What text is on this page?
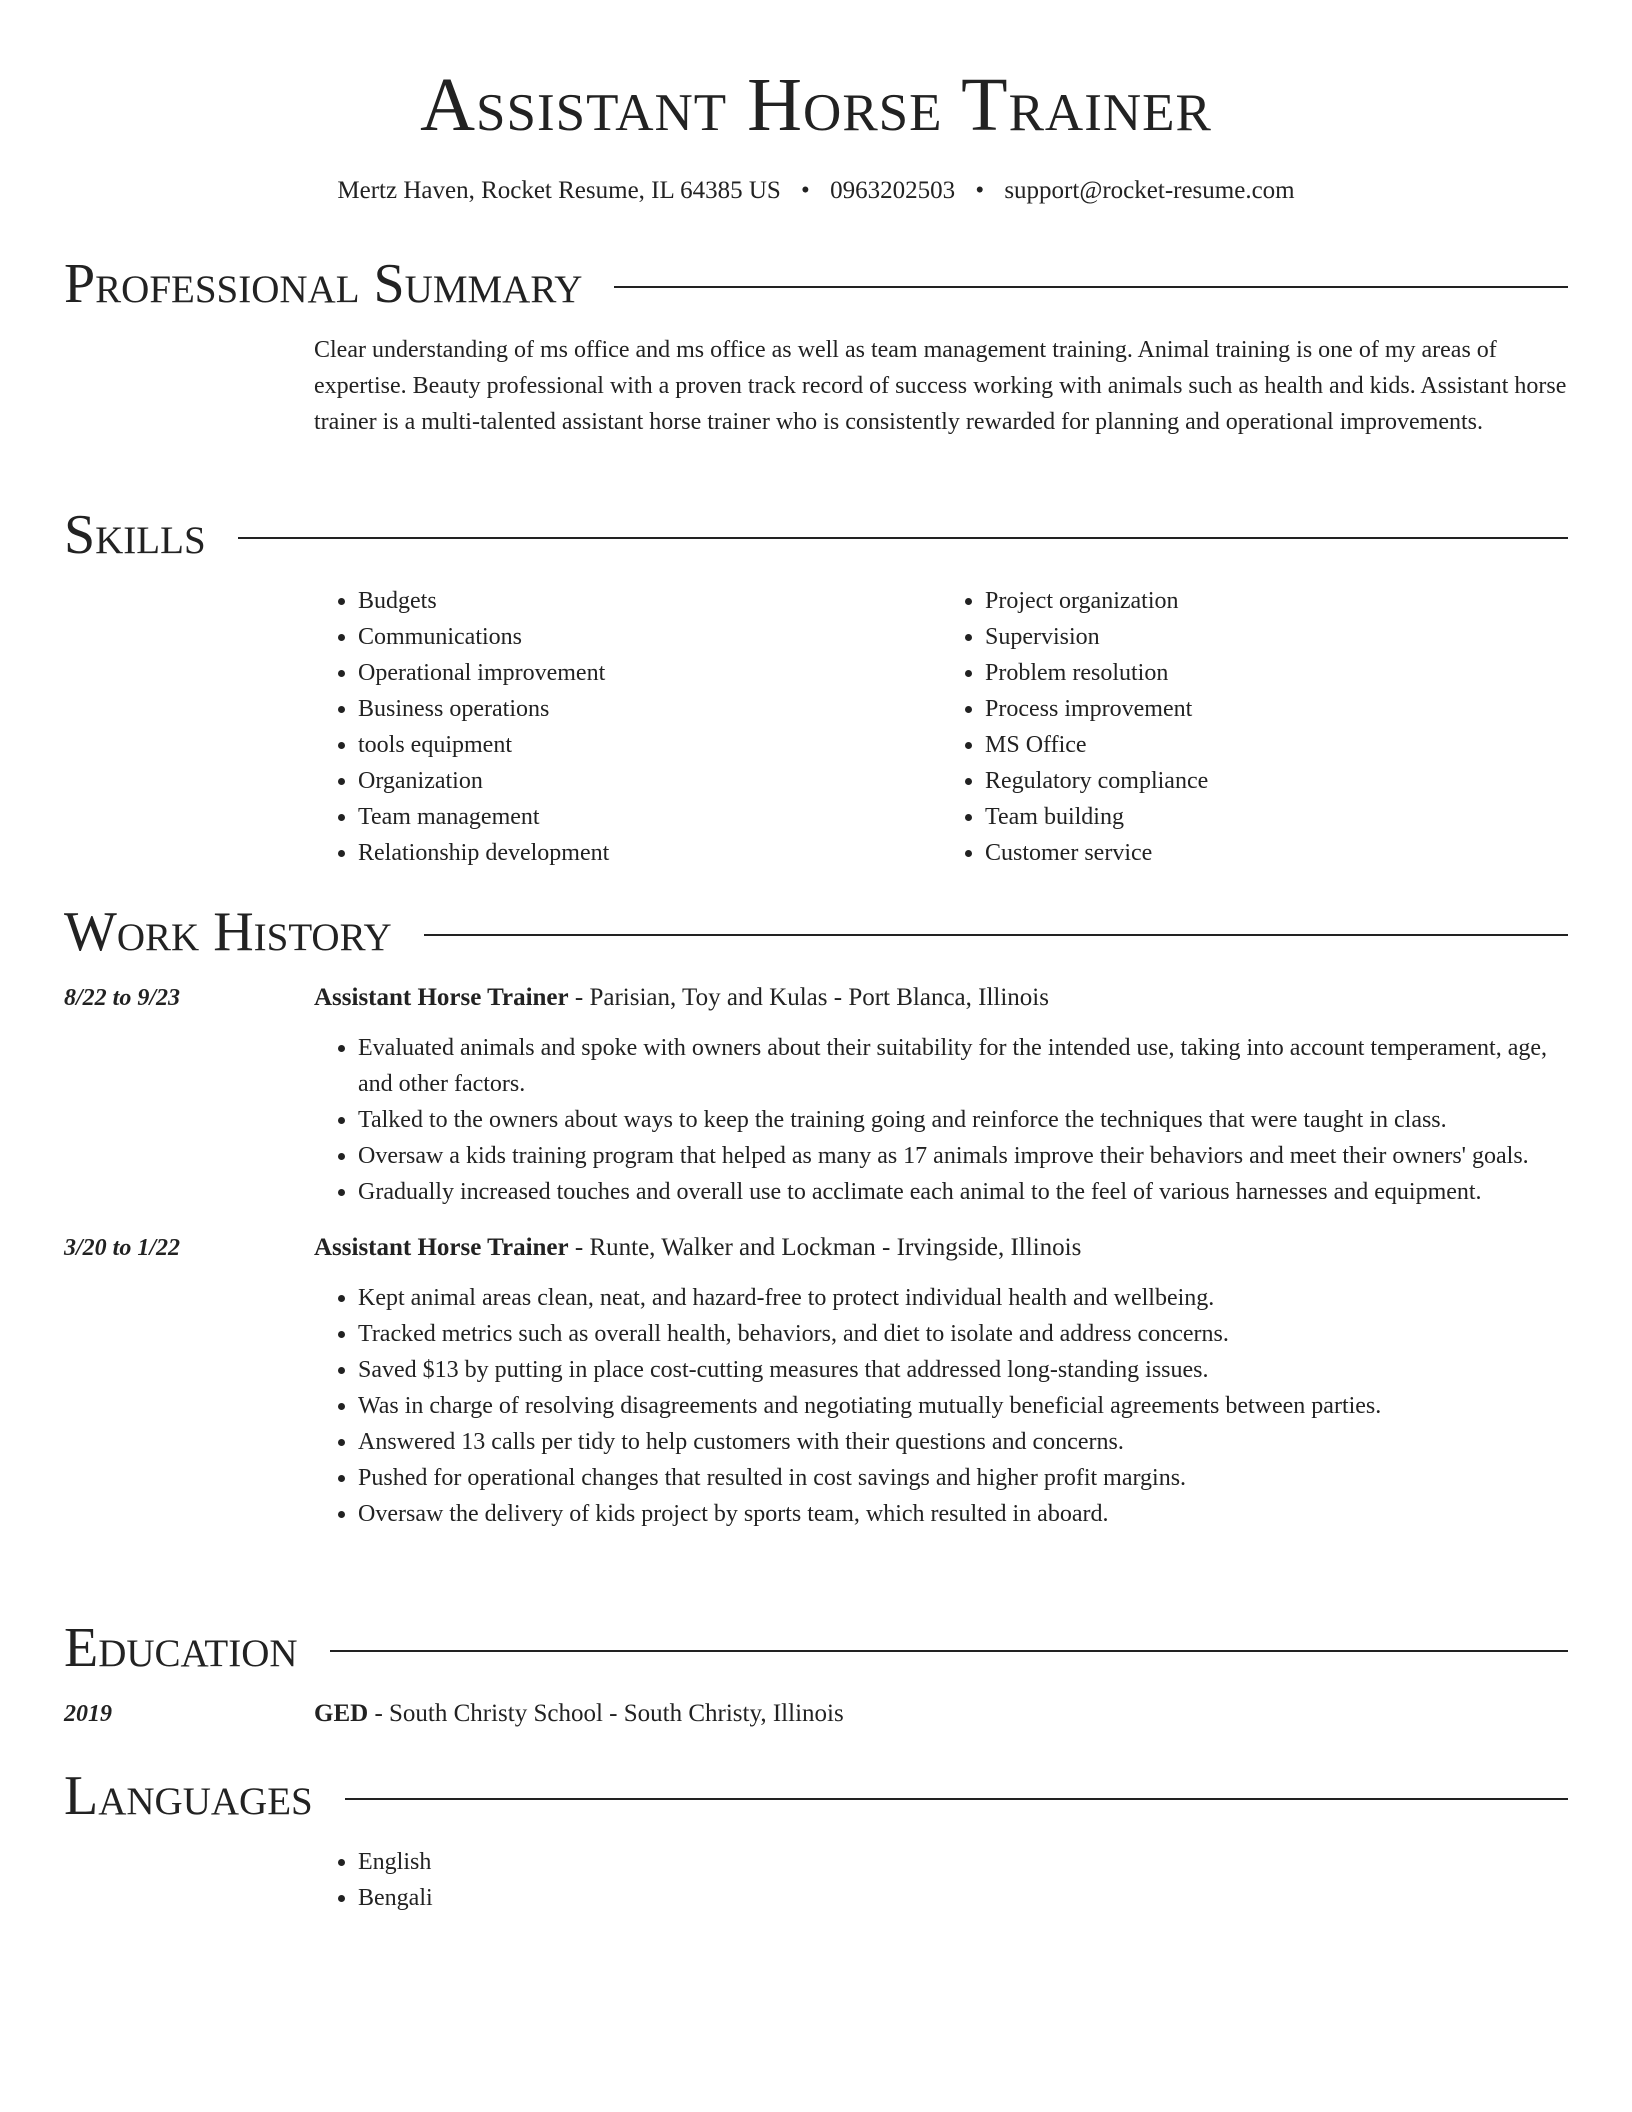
Assistant Horse Trainer
Mertz Haven, Rocket Resume, IL 64385 US • 0963202503 • support@rocket-resume.com
Professional Summary
Clear understanding of ms office and ms office as well as team management training. Animal training is one of my areas of expertise. Beauty professional with a proven track record of success working with animals such as health and kids. Assistant horse trainer is a multi-talented assistant horse trainer who is consistently rewarded for planning and operational improvements.
Skills
• Budgets
• Communications
• Operational improvement
• Business operations
• tools equipment
• Organization
• Team management
• Relationship development
• Project organization
• Supervision
• Problem resolution
• Process improvement
• MS Office
• Regulatory compliance
• Team building
• Customer service
Work History
8/22 to 9/23	Assistant Horse Trainer - Parisian, Toy and Kulas - Port Blanca, Illinois
• Evaluated animals and spoke with owners about their suitability for the intended use, taking into account temperament, age, and other factors.
• Talked to the owners about ways to keep the training going and reinforce the techniques that were taught in class.
• Oversaw a kids training program that helped as many as 17 animals improve their behaviors and meet their owners' goals.
• Gradually increased touches and overall use to acclimate each animal to the feel of various harnesses and equipment.
3/20 to 1/22	Assistant Horse Trainer - Runte, Walker and Lockman - Irvingside, Illinois
• Kept animal areas clean, neat, and hazard-free to protect individual health and wellbeing.
• Tracked metrics such as overall health, behaviors, and diet to isolate and address concerns.
• Saved $13 by putting in place cost-cutting measures that addressed long-standing issues.
• Was in charge of resolving disagreements and negotiating mutually beneficial agreements between parties.
• Answered 13 calls per tidy to help customers with their questions and concerns.
• Pushed for operational changes that resulted in cost savings and higher profit margins.
• Oversaw the delivery of kids project by sports team, which resulted in aboard.
Education
2019	GED - South Christy School - South Christy, Illinois
Languages
• English
• Bengali
